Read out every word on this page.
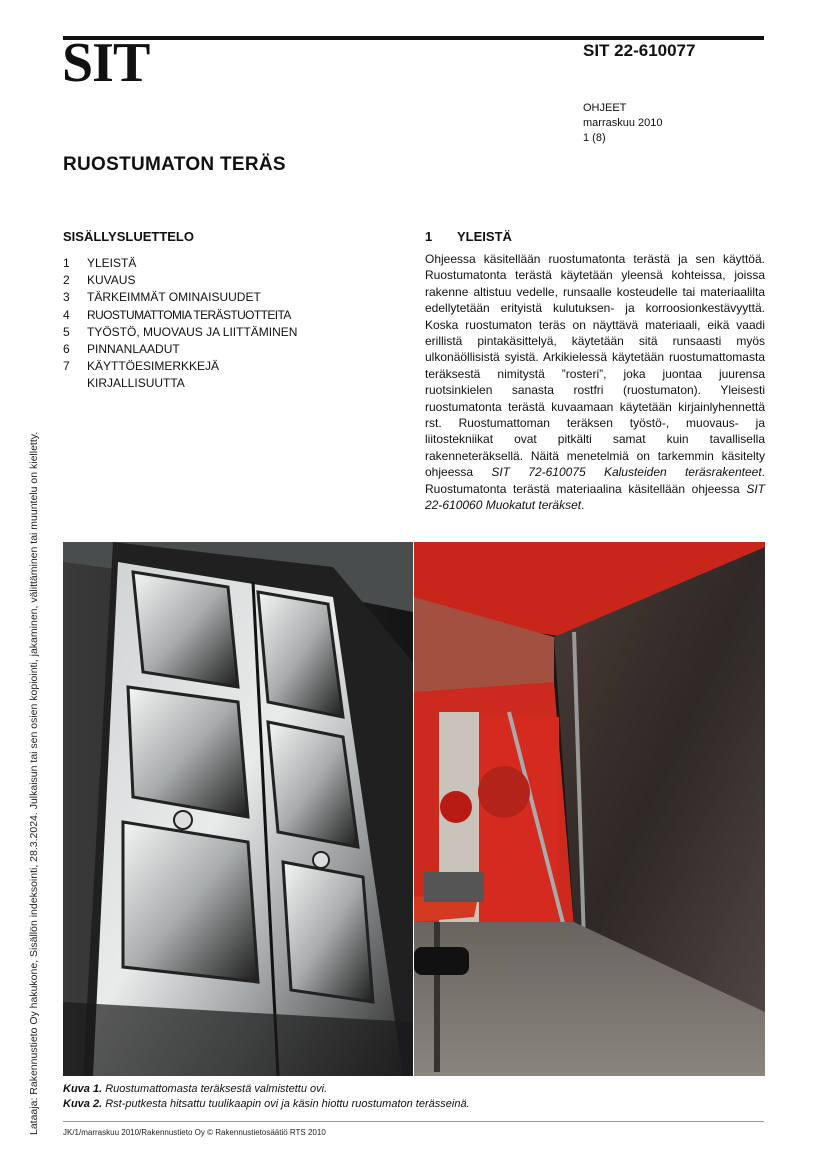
SIT	SIT 22-610077
OHJEET
marraskuu 2010
1 (8)
RUOSTUMATON TERÄS
SISÄLLYSLUETTELO
1	YLEISTÄ
2	KUVAUS
3	TÄRKEIMMÄT OMINAISUUDET
4	RUOSTUMATTOMIA TERÄSTUOTTEITA
5	TYÖSTÖ, MUOVAUS JA LIITTÄMINEN
6	PINNANLAADUT
7	KÄYTTÖESIMERKKEJÄ
KIRJALLISUUTTA
1 YLEISTÄ
Ohjeessa käsitellään ruostumatonta terästä ja sen käyttöä. Ruostumatonta terästä käytetään yleensä kohteissa, joissa rakenne altistuu vedelle, runsaalle kosteudelle tai materiaalilta edellytetään erityistä kulutuksen- ja korroosionkestävyyttä. Koska ruostumaton teräs on näyttävä materiaali, eikä vaadi erillistä pintakäsittelyä, käytetään sitä runsaasti myös ulkonäöllisistä syistä. Arkikielessä käytetään ruostumattomasta teräksestä nimitystä ”rosteri”, joka juontaa juurensa ruotsinkielen sanasta rostfri (ruostumaton). Yleisesti ruostumatonta terästä kuvaamaan käytetään kirjainlyhennettä rst. Ruostumattoman teräksen työstö-, muovaus- ja liitostekniikat ovat pitkälti samat kuin tavallisella rakenneteräksellä. Näitä menetelmiä on tarkemmin käsitelty ohjeessa SIT 72-610075 Kalusteiden teräsrakenteet. Ruostumatonta terästä materiaalina käsitellään ohjeessa SIT 22-610060 Muokatut teräkset.
Lataaja: Rakennustieto Oy hakukone, Sisällön indeksointi, 28.3.2024. Julkaisun tai sen osien kopiointi, jakaminen, välittäminen tai muuntelu on kielletty. Kuva 1. Ruostumattomasta teräksestä valmistettu ovi.
Kuva 2. Rst-putkesta hitsattu tuulikaapin ovi ja käsin hiottu ruostumaton terässeinä.
JK/1/marraskuu 2010/Rakennustieto Oy © Rakennustietosäätiö RTS 2010
